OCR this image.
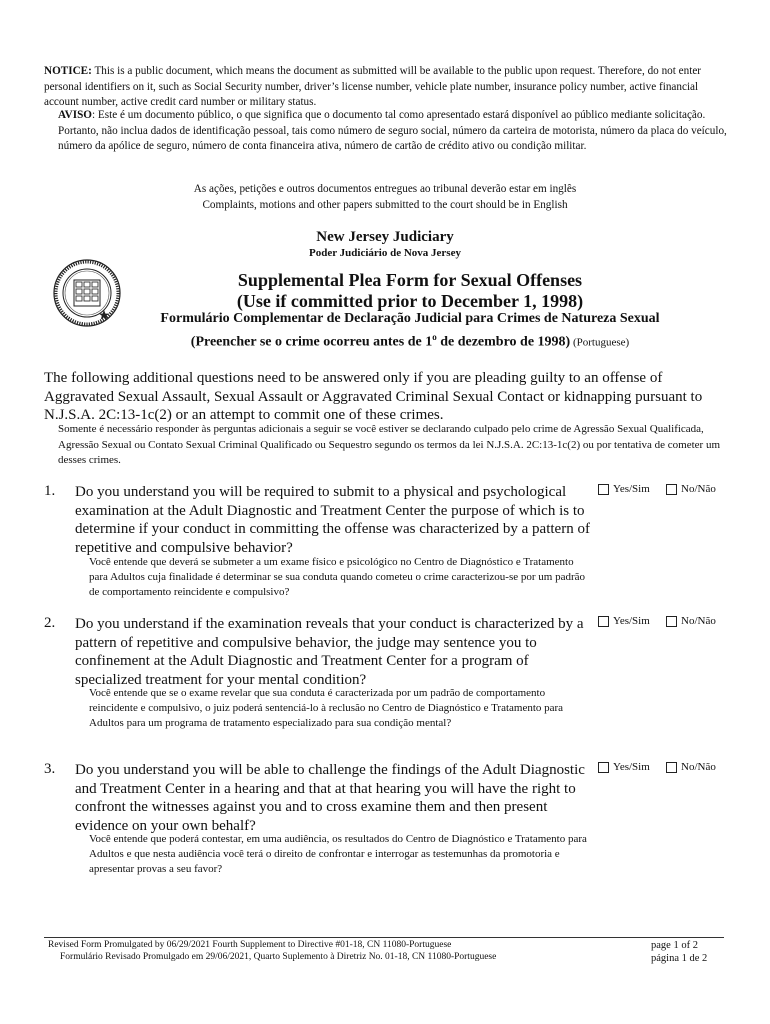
NOTICE: This is a public document, which means the document as submitted will be available to the public upon request. Therefore, do not enter personal identifiers on it, such as Social Security number, driver’s license number, vehicle plate number, insurance policy number, active financial account number, active credit card number or military status.
AVISO: Este é um documento público, o que significa que o documento tal como apresentado estará disponível ao público mediante solicitação. Portanto, não inclua dados de identificação pessoal, tais como número de seguro social, número da carteira de motorista, número da placa do veículo, número da apólice de seguro, número de conta financeira ativa, número de cartão de crédito ativo ou condição militar.
As ações, petições e outros documentos entregues ao tribunal deverão estar em inglês
Complaints, motions and other papers submitted to the court should be in English
New Jersey Judiciary
Poder Judiciário de Nova Jersey
Supplemental Plea Form for Sexual Offenses
(Use if committed prior to December 1, 1998)
Formulário Complementar de Declaração Judicial para Crimes de Natureza Sexual
(Preencher se o crime ocorreu antes de 1$^o$ de dezembro de 1998) (Portuguese)
The following additional questions need to be answered only if you are pleading guilty to an offense of Aggravated Sexual Assault, Sexual Assault or Aggravated Criminal Sexual Contact or kidnapping pursuant to N.J.S.A. 2C:13-1c(2) or an attempt to commit one of these crimes.
Somente é necessário responder às perguntas adicionais a seguir se você estiver se declarando culpado pelo crime de Agressão Sexual Qualificada, Agressão Sexual ou Contato Sexual Criminal Qualificado ou Sequestro segundo os termos da lei N.J.S.A. 2C:13-1c(2) ou por tentativa de cometer um desses crimes.
1. Do you understand you will be required to submit to a physical and psychological examination at the Adult Diagnostic and Treatment Center the purpose of which is to determine if your conduct in committing the offense was characterized by a pattern of repetitive and compulsive behavior?
Você entende que deverá se submeter a um exame físico e psicológico no Centro de Diagnóstico e Tratamento para Adultos cuja finalidade é determinar se sua conduta quando cometeu o crime caracterizou-se por um padrão de comportamento reincidente e compulsivo?
Yes/Sim	No/Não
2. Do you understand if the examination reveals that your conduct is characterized by a pattern of repetitive and compulsive behavior, the judge may sentence you to confinement at the Adult Diagnostic and Treatment Center for a program of specialized treatment for your mental condition?
Você entende que se o exame revelar que sua conduta é caracterizada por um padrão de comportamento reincidente e compulsivo, o juiz poderá sentenciá-lo à reclusão no Centro de Diagnóstico e Tratamento para Adultos para um programa de tratamento especializado para sua condição mental?
Yes/Sim	No/Não
3. Do you understand you will be able to challenge the findings of the Adult Diagnostic and Treatment Center in a hearing and that at that hearing you will have the right to confront the witnesses against you and to cross examine them and then present evidence on your own behalf?
Você entende que poderá contestar, em uma audiência, os resultados do Centro de Diagnóstico e Tratamento para Adultos e que nesta audiência você terá o direito de confrontar e interrogar as testemunhas da promotoria e apresentar provas a seu favor?
Yes/Sim	No/Não
Revised Form Promulgated by 06/29/2021 Fourth Supplement to Directive #01-18, CN 11080-Portuguese
Formulário Revisado Promulgado em 29/06/2021, Quarto Suplemento à Diretriz No. 01-18, CN 11080-Portuguese
page 1 of 2
página 1 de 2
